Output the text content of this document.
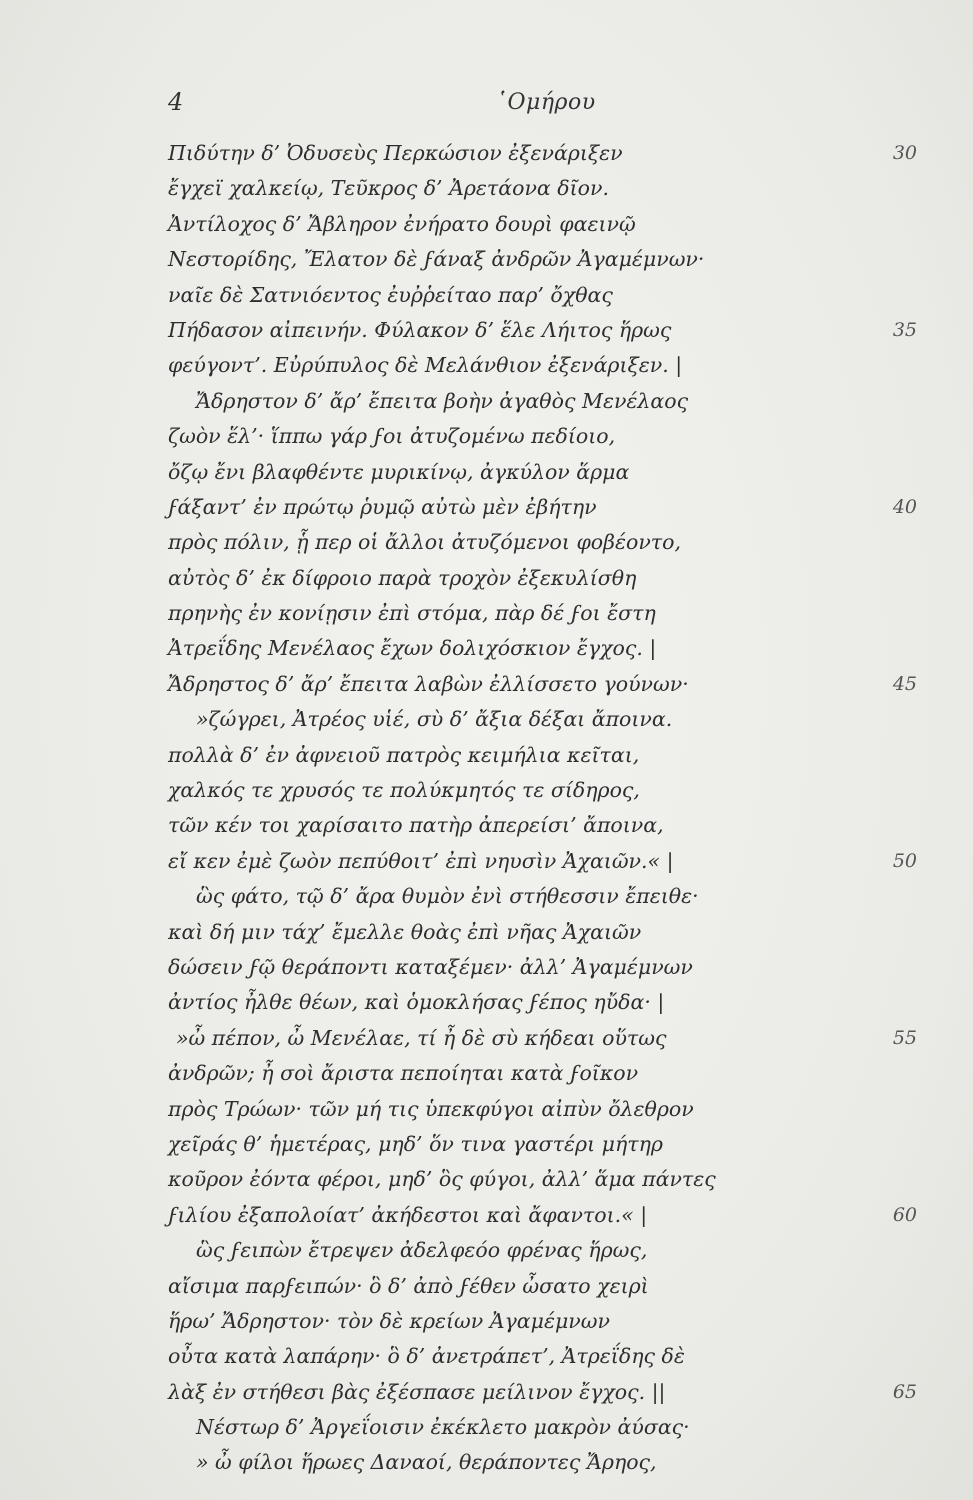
4	῾Ομήρου
Πιδύτην δ’ Ὀδυσεὺς Περκώσιον ἐξενάριξεν	30
ἔγχεϊ χαλκείῳ, Τεῦκρος δ’ Ἀρετάονα δῖον.
Ἀντίλοχος δ’ Ἄβληρον ἐνήρατο δουρὶ φαεινῷ
Νεστορίδης, Ἔλατον δὲ ϝάναξ ἀνδρῶν Ἀγαμέμνων·
ναῖε δὲ Σατνιόεντος ἐυῤῥείταο παρ’ ὄχθας
Πήδασον αἰπεινήν. Φύλακον δ’ ἕλε Λήιτος ἥρως	35
φεύγοντ’. Εὐρύπυλος δὲ Μελάνθιον ἐξενάριξεν. |
Ἄδρηστον δ’ ἄρ’ ἔπειτα βοὴν ἀγαθὸς Μενέλαος
ζωὸν ἕλ’· ἵππω γάρ ϝοι ἀτυζομένω πεδίοιο,
ὄζῳ ἔνι βλαφθέντε μυρικίνῳ, ἀγκύλον ἅρμα
ϝάξαντ’ ἐν πρώτῳ ῥυμῷ αὐτὼ μὲν ἐβήτην	40
πρὸς πόλιν, ᾗ περ οἱ ἄλλοι ἀτυζόμενοι φοβέοντο,
αὐτὸς δ’ ἐκ δίφροιο παρὰ τροχὸν ἐξεκυλίσθη
πρηνὴς ἐν κονίῃσιν ἐπὶ στόμα, πὰρ δέ ϝοι ἔστη
Ἀτρεΐδης Μενέλαος ἔχων δολιχόσκιον ἔγχος. |
Ἄδρηστος δ’ ἄρ’ ἔπειτα λαβὼν ἐλλίσσετο γούνων·	45
»ζώγρει, Ἀτρέος υἱέ, σὺ δ’ ἄξια δέξαι ἄποινα.
πολλὰ δ’ ἐν ἀφνειοῦ πατρὸς κειμήλια κεῖται,
χαλκός τε χρυσός τε πολύκμητός τε σίδηρος,
τῶν κέν τοι χαρίσαιτο πατὴρ ἀπερείσι’ ἄποινα,
εἴ κεν ἐμὲ ζωὸν πεπύθοιτ’ ἐπὶ νηυσὶν Ἀχαιῶν.« |	50
ὣς φάτο, τῷ δ’ ἄρα θυμὸν ἐνὶ στήθεσσιν ἔπειθε·
καὶ δή μιν τάχ’ ἔμελλε θοὰς ἐπὶ νῆας Ἀχαιῶν
δώσειν ϝῷ θεράποντι καταξέμεν· ἀλλ’ Ἀγαμέμνων
ἀντίος ἦλθε θέων, καὶ ὁμοκλήσας ϝέπος ηὔδα· |
»ὦ πέπον, ὦ Μενέλαε, τί ἦ δὲ σὺ κήδεαι οὕτως	55
ἀνδρῶν; ἦ σοὶ ἄριστα πεποίηται κατὰ ϝοῖκον
πρὸς Τρώων· τῶν μή τις ὑπεκφύγοι αἰπὺν ὄλεθρον
χεῖράς θ’ ἡμετέρας, μηδ’ ὅν τινα γαστέρι μήτηρ
κοῦρον ἐόντα φέροι, μηδ’ ὃς φύγοι, ἀλλ’ ἅμα πάντες
ϝιλίου ἐξαπολοίατ’ ἀκήδεστοι καὶ ἄφαντοι.« |	60
ὣς ϝειπὼν ἔτρεψεν ἀδελφεόο φρένας ἥρως,
αἴσιμα παρϝειπών· ὃ δ’ ἀπὸ ϝέθεν ὦσατο χειρὶ
ἥρω’ Ἄδρηστον· τὸν δὲ κρείων Ἀγαμέμνων
οὖτα κατὰ λαπάρην· ὃ δ’ ἀνετράπετ’, Ἀτρεΐδης δὲ
λὰξ ἐν στήθεσι βὰς ἐξέσπασε μείλινον ἔγχος. ||	65
Νέστωρ δ’ Ἀργεΐοισιν ἐκέκλετο μακρὸν ἀύσας·
» ὦ φίλοι ἥρωες Δαναοί, θεράποντες Ἄρηος,
